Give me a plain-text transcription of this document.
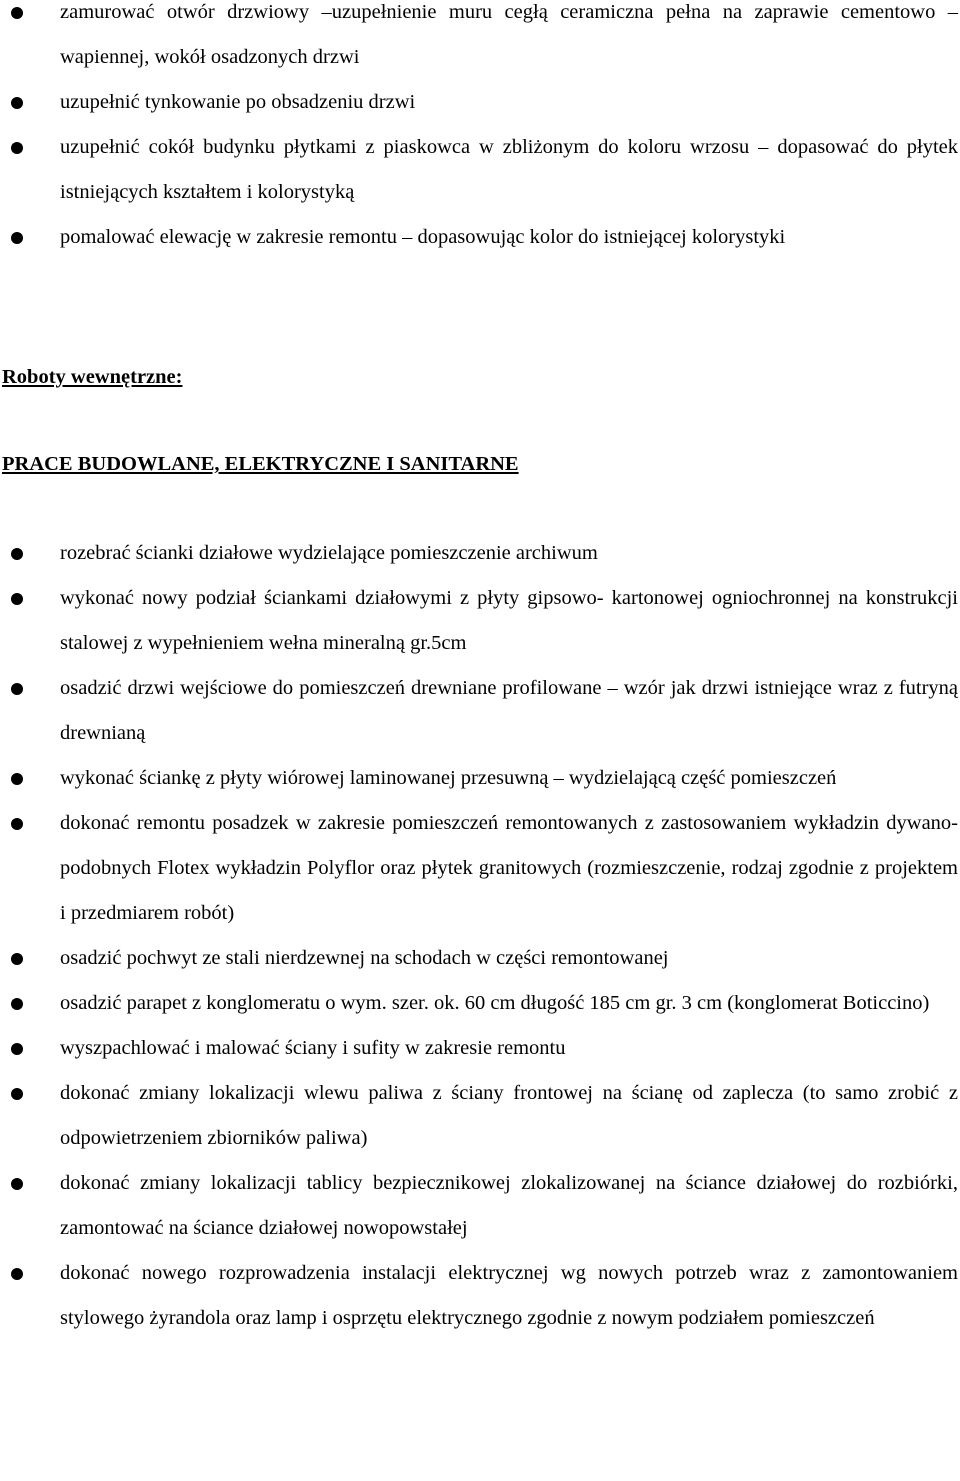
zamurować otwór drzwiowy –uzupełnienie muru cegłą ceramiczna pełna na zaprawie cementowo – wapiennej, wokół osadzonych drzwi
uzupełnić tynkowanie po obsadzeniu drzwi
uzupełnić cokół budynku płytkami z piaskowca w zbliżonym do koloru wrzosu – dopasować do płytek istniejących kształtem i kolorystyką
pomalować elewację w zakresie remontu – dopasowując kolor do istniejącej kolorystyki
Roboty wewnętrzne:
PRACE BUDOWLANE, ELEKTRYCZNE I SANITARNE
rozebrać ścianki działowe wydzielające pomieszczenie archiwum
wykonać nowy podział ściankami działowymi z płyty gipsowo- kartonowej ogniochronnej na konstrukcji stalowej z wypełnieniem wełna mineralną gr.5cm
osadzić drzwi wejściowe do pomieszczeń drewniane profilowane – wzór jak drzwi istniejące wraz z futryną drewnianą
wykonać ściankę z płyty wiórowej laminowanej przesuwną – wydzielającą część pomieszczeń
dokonać remontu posadzek w zakresie pomieszczeń remontowanych z zastosowaniem wykładzin dywano-podobnych Flotex wykładzin Polyflor oraz płytek granitowych (rozmieszczenie, rodzaj zgodnie z projektem i przedmiarem robót)
osadzić pochwyt ze stali nierdzewnej na schodach w części remontowanej
osadzić parapet z konglomeratu o wym. szer. ok. 60 cm długość 185 cm gr. 3 cm (konglomerat Boticcino)
wyszpachlować i malować ściany i sufity w zakresie remontu
dokonać zmiany lokalizacji wlewu paliwa z ściany frontowej na ścianę od zaplecza (to samo zrobić z odpowietrzeniem zbiorników paliwa)
dokonać zmiany lokalizacji tablicy bezpiecznikowej zlokalizowanej na ściance działowej do rozbiórki, zamontować na ściance działowej nowopowstałej
dokonać nowego rozprowadzenia instalacji elektrycznej wg nowych potrzeb wraz z zamontowaniem stylowego żyrandola oraz lamp i osprzętu elektrycznego zgodnie z nowym podziałem pomieszczeń
